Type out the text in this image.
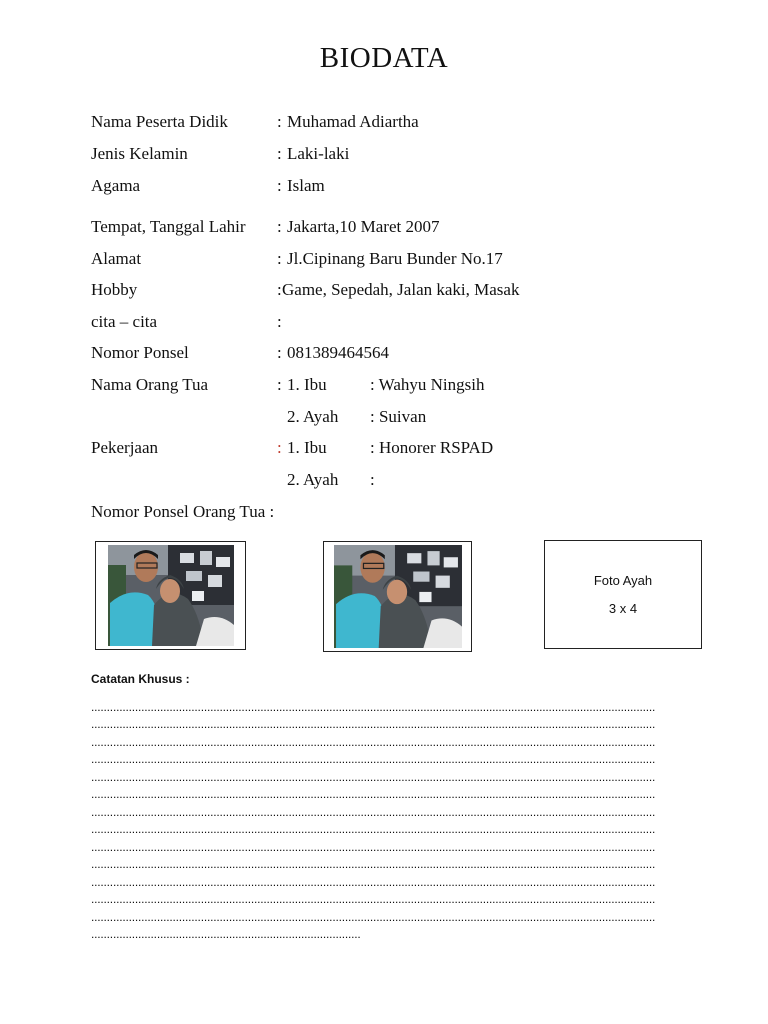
BIODATA
Nama Peserta Didik	: Muhamad Adiartha
Jenis Kelamin	: Laki-laki
Agama	: Islam
Tempat, Tanggal Lahir : Jakarta,10 Maret 2007
Alamat	: Jl.Cipinang Baru Bunder No.17
Hobby	: Game, Sepedah, Jalan kaki, Masak
cita – cita	:
Nomor Ponsel	: 081389464564
Nama Orang Tua	: 1. Ibu	: Wahyu Ningsih
2. Ayah : Suivan
Pekerjaan	: 1. Ibu	: Honorer RSPAD
2. Ayah :
Nomor Ponsel Orang Tua :
Foto Ayah
3 x 4
Catatan Khusus :
....................................................................................................................................................................................
....................................................................................................................................................................................
....................................................................................................................................................................................
....................................................................................................................................................................................
....................................................................................................................................................................................
....................................................................................................................................................................................
....................................................................................................................................................................................
....................................................................................................................................................................................
....................................................................................................................................................................................
....................................................................................................................................................................................
....................................................................................................................................................................................
....................................................................................................................................................................................
....................................................................................................................................................................................
......................................................................................
